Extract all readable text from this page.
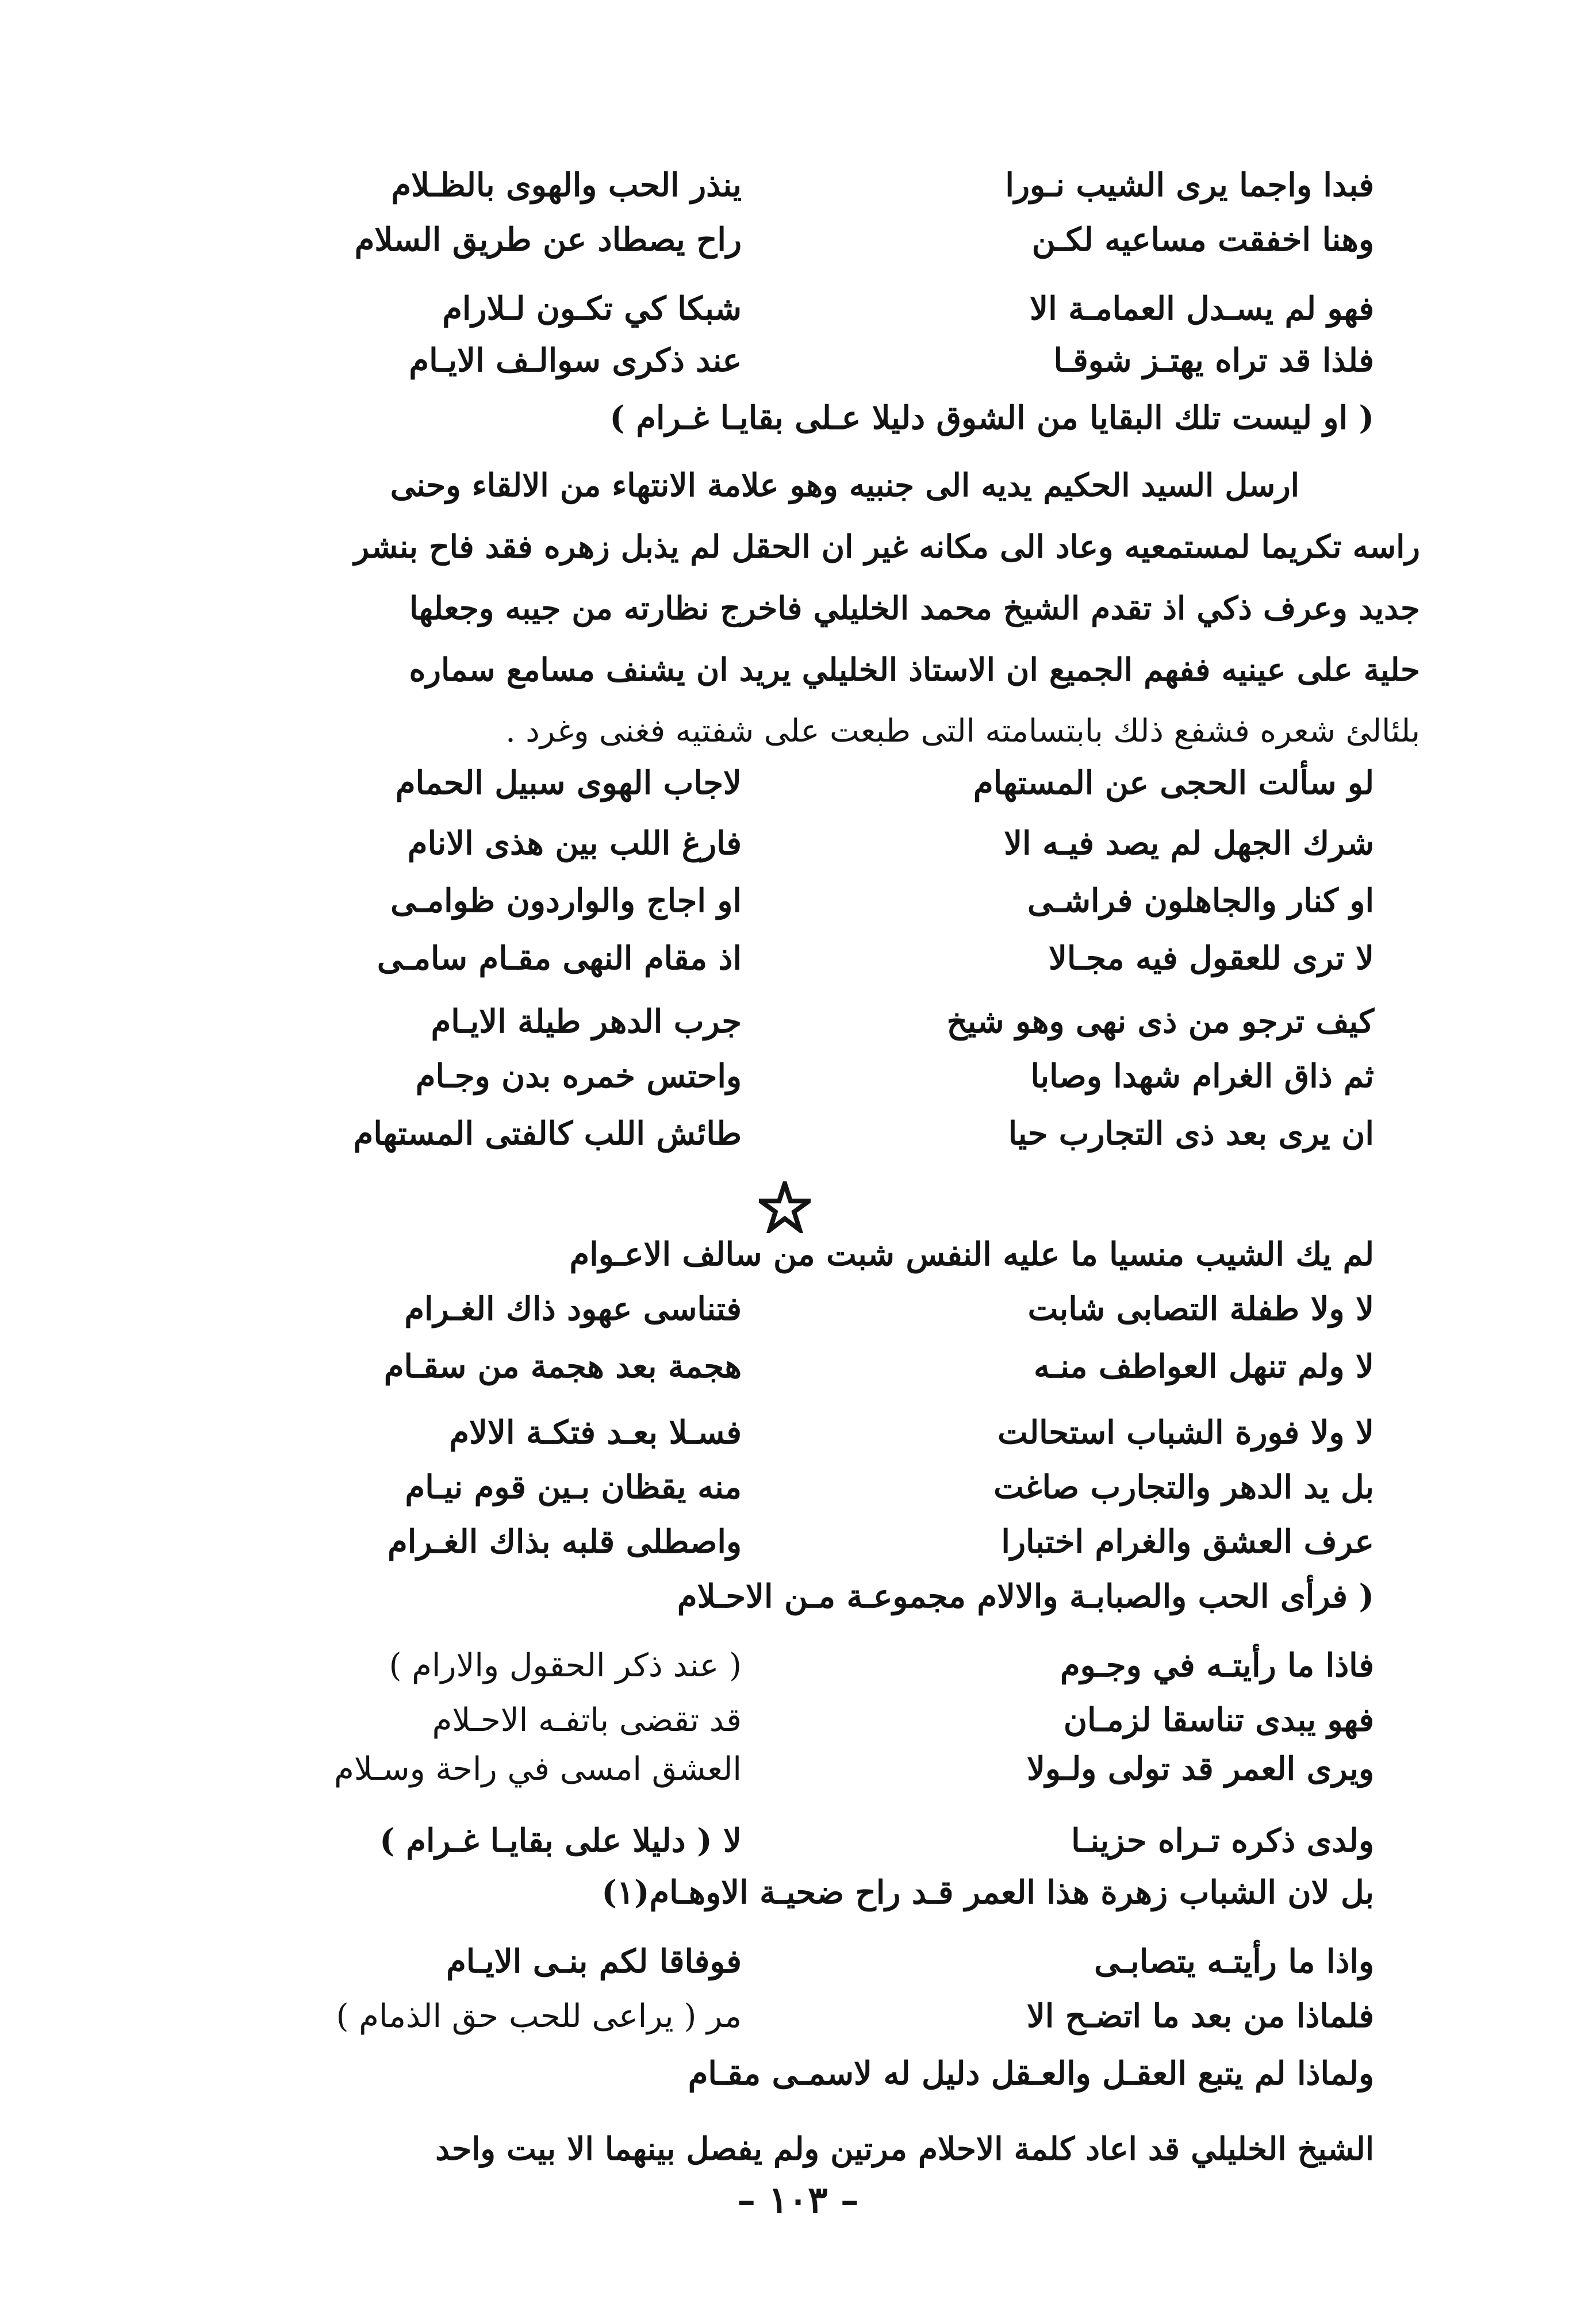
فبدا واجما يرى الشيب نـورا
ينذر الحب والهوى بالظـلام
وهنا اخفقت مساعيه لكـن
راح يصطاد عن طريق السلام
فهو لم يسـدل العمامـة الا
شبكا كي تكـون لـلارام
فلذا قد تراه يهتـز شوقـا
عند ذكرى سوالـف الايـام
( او ليست تلك البقايا من الشوق دليلا عـلى بقايـا غـرام )

ارسل السيد الحكيم يديه الى جنبيه وهو علامة الانتهاء من الالقاء وحنى

راسه تكريما لمستمعيه وعاد الى مكانه غير ان الحقل لم يذبل زهره فقد فاح بنشر

جديد وعرف ذكي اذ تقدم الشيخ محمد الخليلي فاخرج نظارته من جيبه وجعلها

حلية على عينيه ففهم الجميع ان الاستاذ الخليلي يريد ان يشنف مسامع سماره

بلئالئ شعره فشفع ذلك بابتسامته التى طبعت على شفتيه فغنى وغرد .

لو سألت الحجى عن المستهام
لاجاب الهوى سبيل الحمام
شرك الجهل لم يصد فيـه الا
فارغ اللب بين هذى الانام
او كنار والجاهلون فراشـى
او اجاج والواردون ظوامـى
لا ترى للعقول فيه مجـالا
اذ مقام النهى مقـام سامـى
كيف ترجو من ذى نهى وهو شيخ
جرب الدهر طيلة الايـام
ثم ذاق الغرام شهدا وصابا
واحتس خمره بدن وجـام
ان يرى بعد ذى التجارب حيا
طائش اللب كالفتى المستهام
لم يك الشيب منسيا ما عليه النفس شبت من سالف الاعـوام
لا ولا طفلة التصابى شابت
فتناسى عهود ذاك الغـرام
لا ولم تنهل العواطف منـه
هجمة بعد هجمة من سقـام
لا ولا فورة الشباب استحالت
فسـلا بعـد فتكـة الالام
بل يد الدهر والتجارب صاغت
منه يقظان بـين قوم نيـام
عرف العشق والغرام اختبارا
واصطلى قلبه بذاك الغـرام
( فرأى الحب والصبابـة والالام مجموعـة مـن الاحـلام
فاذا ما رأيتـه في وجـوم
( عند ذكر الحقول والارام )
فهو يبدى تناسقا لزمـان
قد تقضى باتفـه الاحـلام
ويرى العمر قد تولى ولـولا
العشق امسى في راحة وسـلام
ولدى ذكره تـراه حزينـا
لا ( دليلا على بقايـا غـرام )
بل لان الشباب زهرة هذا العمر قـد راح ضحيـة الاوهـام(١)
واذا ما رأيتـه يتصابـى
فوفاقا لكم بنـى الايـام
فلماذا من بعد ما اتضـح الا
مر ( يراعى للحب حق الذمام )
ولماذا لم يتبع العقـل والعـقل دليل له لاسمـى مقـام
الشيخ الخليلي قد اعاد كلمة الاحلام مرتين ولم يفصل بينهما الا بيت واحد
– ١٠٣ –
